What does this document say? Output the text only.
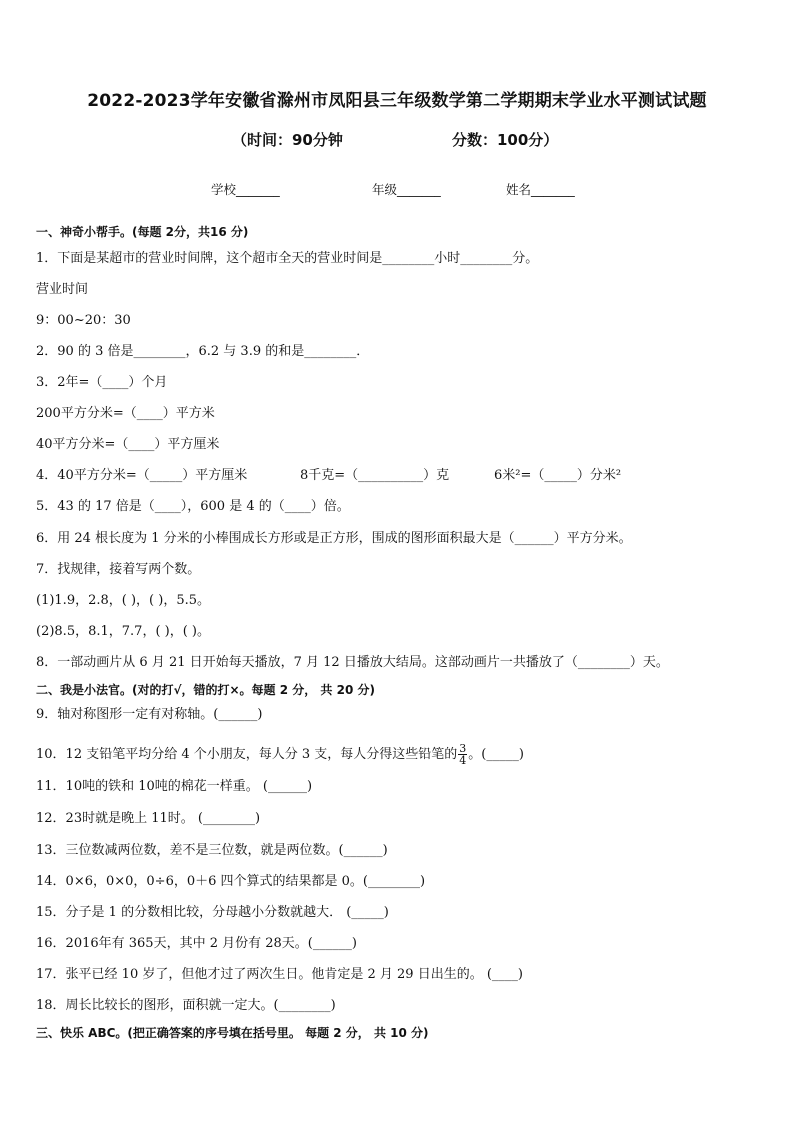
2022-2023学年安徽省滁州市凤阳县三年级数学第二学期期末学业水平测试试题
（时间：90分钟	分数：100分）
学校_______	年级_______	姓名_______
一、神奇小帮手。(每题 2分，共16 分)
1．下面是某超市的营业时间牌，这个超市全天的营业时间是________小时________分。
营业时间
9：00~20：30
2．90 的 3 倍是________，6.2 与 3.9 的和是________．
3．2年=（____）个月
200平方分米=（____）平方米
40平方分米=（____）平方厘米
4．40平方分米=（_____）平方厘米	8千克=（__________）克	6米²=（_____）分米²
5．43 的 17 倍是（____），600 是 4 的（____）倍。
6．用 24 根长度为 1 分米的小棒围成长方形或是正方形，围成的图形面积最大是（______）平方分米。
7．找规律，接着写两个数。
(1)1.9，2.8，( )，( )，5.5。
(2)8.5，8.1，7.7，( )，( )。
8．一部动画片从 6 月 21 日开始每天播放，7 月 12 日播放大结局。这部动画片一共播放了（________）天。
二、我是小法官。(对的打√，错的打×。每题 2 分， 共 20 分)
9．轴对称图形一定有对称轴。(______)
10．12 支铅笔平均分给 4 个小朋友，每人分 3 支，每人分得这些铅笔的 $\frac{3}{4}$ 。(_____)
11．10吨的铁和 10吨的棉花一样重。 (______)
12．23时就是晚上 11时。 (________)
13．三位数减两位数，差不是三位数，就是两位数。(______)
14．0×6，0×0，0÷6，0＋6 四个算式的结果都是 0。(________)
15．分子是 1 的分数相比较，分母越小分数就越大． (_____)
16．2016年有 365天，其中 2 月份有 28天。(______)
17．张平已经 10 岁了，但他才过了两次生日。他肯定是 2 月 29 日出生的。 (____)
18．周长比较长的图形，面积就一定大。(________)
三、快乐 ABC。(把正确答案的序号填在括号里。 每题 2 分， 共 10 分)
